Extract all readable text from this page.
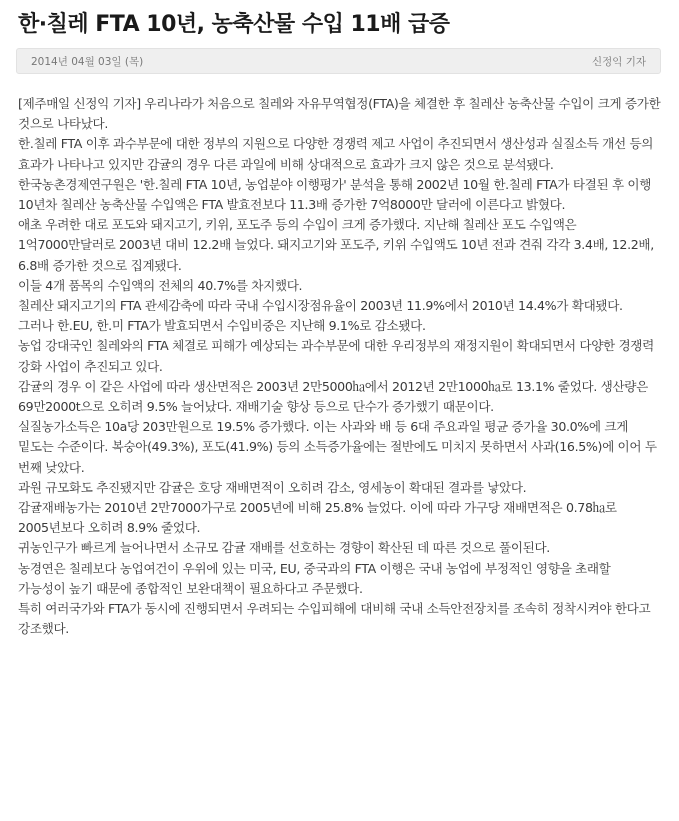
한·칠레 FTA 10년, 농축산물 수입 11배 급증
2014년 04월 03일 (목)	신정익 기자

[제주매일 신정익 기자] 우리나라가 처음으로 칠레와 자유무역협정(FTA)을 체결한 후 칠레산 농축산물 수입이 크게 증가한 것으로 나타났다.

한.칠레 FTA 이후 과수부문에 대한 정부의 지원으로 다양한 경쟁력 제고 사업이 추진되면서 생산성과 실질소득 개선 등의 효과가 나타나고 있지만 감귤의 경우 다른 과일에 비해 상대적으로 효과가 크지 않은 것으로 분석됐다.

한국농촌경제연구원은 '한.칠레 FTA 10년, 농업분야 이행평가' 분석을 통해 2002년 10월 한.칠레 FTA가 타결된 후 이행 10년차 칠레산 농축산물 수입액은 FTA 발효전보다 11.3배 증가한 7억8000만 달러에 이른다고 밝혔다.

애초 우려한 대로 포도와 돼지고기, 키위, 포도주 등의 수입이 크게 증가했다. 지난해 칠레산 포도 수입액은 1억7000만달러로 2003년 대비 12.2배 늘었다. 돼지고기와 포도주, 키위 수입액도 10년 전과 견줘 각각 3.4배, 12.2배, 6.8배 증가한 것으로 집계됐다.

이들 4개 품목의 수입액의 전체의 40.7%를 차지했다.

칠레산 돼지고기의 FTA 관세감축에 따라 국내 수입시장점유율이 2003년 11.9%에서 2010년 14.4%가 확대됐다. 그러나 한.EU, 한.미 FTA가 발효되면서 수입비중은 지난해 9.1%로 감소됐다.

농업 강대국인 칠레와의 FTA 체결로 피해가 예상되는 과수부문에 대한 우리정부의 재정지원이 확대되면서 다양한 경쟁력 강화 사업이 추진되고 있다.

감귤의 경우 이 같은 사업에 따라 생산면적은 2003년 2만5000㏊에서 2012년 2만1000㏊로 13.1% 줄었다. 생산량은 69만2000t으로 오히려 9.5% 늘어났다. 재배기술 향상 등으로 단수가 증가했기 때문이다.

실질농가소득은 10a당 203만원으로 19.5% 증가했다. 이는 사과와 배 등 6대 주요과일 평균 증가율 30.0%에 크게 밑도는 수준이다. 복숭아(49.3%), 포도(41.9%) 등의 소득증가율에는 절반에도 미치지 못하면서 사과(16.5%)에 이어 두 번째 낮았다.

과원 규모화도 추진됐지만 감귤은 호당 재배면적이 오히려 감소, 영세농이 확대된 결과를 낳았다.

감귤재배농가는 2010년 2만7000가구로 2005년에 비해 25.8% 늘었다. 이에 따라 가구당 재배면적은 0.78㏊로 2005년보다 오히려 8.9% 줄었다.

귀농인구가 빠르게 늘어나면서 소규모 감귤 재배를 선호하는 경향이 확산된 데 따른 것으로 풀이된다.

농경연은 칠레보다 농업여건이 우위에 있는 미국, EU, 중국과의 FTA 이행은 국내 농업에 부정적인 영향을 초래할 가능성이 높기 때문에 종합적인 보완대책이 필요하다고 주문했다.

특히 여러국가와 FTA가 동시에 진행되면서 우려되는 수입피해에 대비해 국내 소득안전장치를 조속히 정착시켜야 한다고 강조했다.
